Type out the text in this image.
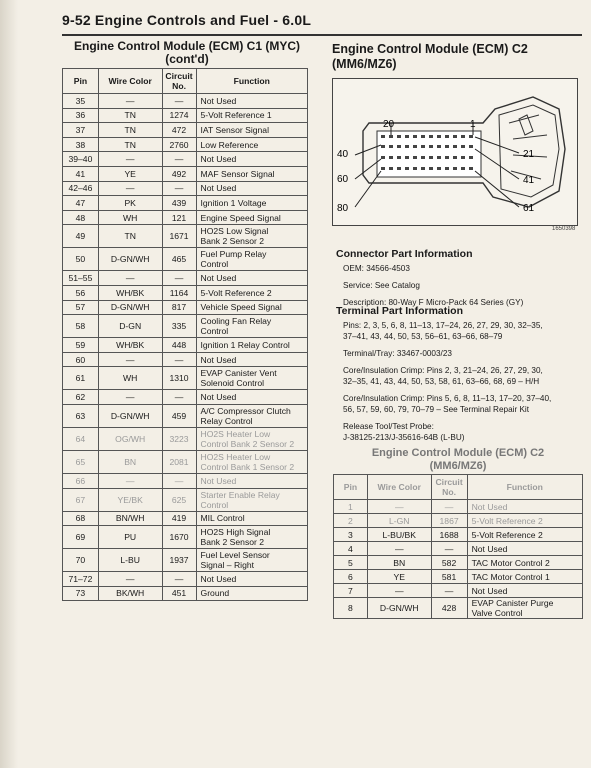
9-52 Engine Controls and Fuel - 6.0L
Engine Control Module (ECM) C1 (MYC)
(cont'd)
Pin	Wire Color	Circuit
No.	Function
35	—	—	Not Used
36	TN	1274	5-Volt Reference 1
37	TN	472	IAT Sensor Signal
38	TN	2760	Low Reference
39–40	—	—	Not Used
41	YE	492	MAF Sensor Signal
42–46	—	—	Not Used
47	PK	439	Ignition 1 Voltage
48	WH	121	Engine Speed Signal
49	TN	1671	HO2S Low Signal
Bank 2 Sensor 2

50	D-GN/WH	465	Fuel Pump Relay
Control

51–55	—	—	Not Used
56	WH/BK	1164	5-Volt Reference 2
57	D-GN/WH	817	Vehicle Speed Signal
58	D-GN	335	Cooling Fan Relay
Control

59	WH/BK	448	Ignition 1 Relay Control
60	—	—	Not Used
61	WH	1310	EVAP Canister Vent
Solenoid Control

62	—	—	Not Used
63	D-GN/WH	459	A/C Compressor Clutch
Relay Control

64	OG/WH	3223	HO2S Heater Low
Control Bank 2 Sensor 2

65	BN	2081	HO2S Heater Low
Control Bank 1 Sensor 2

66	—	—	Not Used
67	YE/BK	625	Starter Enable Relay
Control

68	BN/WH	419	MIL Control
69	PU	1670	HO2S High Signal
Bank 2 Sensor 2

70	L-BU	1937	Fuel Level Sensor
Signal – Right

71–72	—	—	Not Used
73	BK/WH	451	Ground
Engine Control Module (ECM) C2
(MM6/MZ6)
20	1
40	21
60	41
80	61
1650398
Connector Part Information
OEM: 34566-4503
Service: See Catalog
Description: 80-Way F Micro-Pack 64 Series (GY)
Terminal Part Information
Pins: 2, 3, 5, 6, 8, 11–13, 17–24, 26, 27, 29, 30, 32–35,
37–41, 43, 44, 50, 53, 56–61, 63–66, 68–79
Terminal/Tray: 33467-0003/23
Core/Insulation Crimp: Pins 2, 3, 21–24, 26, 27, 29, 30,
32–35, 41, 43, 44, 50, 53, 58, 61, 63–66, 68, 69 – H/H
Core/Insulation Crimp: Pins 5, 6, 8, 11–13, 17–20, 37–40,
56, 57, 59, 60, 79, 70–79 – See Terminal Repair Kit
Release Tool/Test Probe:
J-38125-213/J-35616-64B (L-BU)
Engine Control Module (ECM) C2
(MM6/MZ6)
Pin	Wire Color	Circuit
No.	Function
1	—	—	Not Used
2	L-GN	1867	5-Volt Reference 2
3	L-BU/BK	1688	5-Volt Reference 2
4	—	—	Not Used
5	BN	582	TAC Motor Control 2
6	YE	581	TAC Motor Control 1
7	—	—	Not Used
8	D-GN/WH	428	EVAP Canister Purge
Valve Control
